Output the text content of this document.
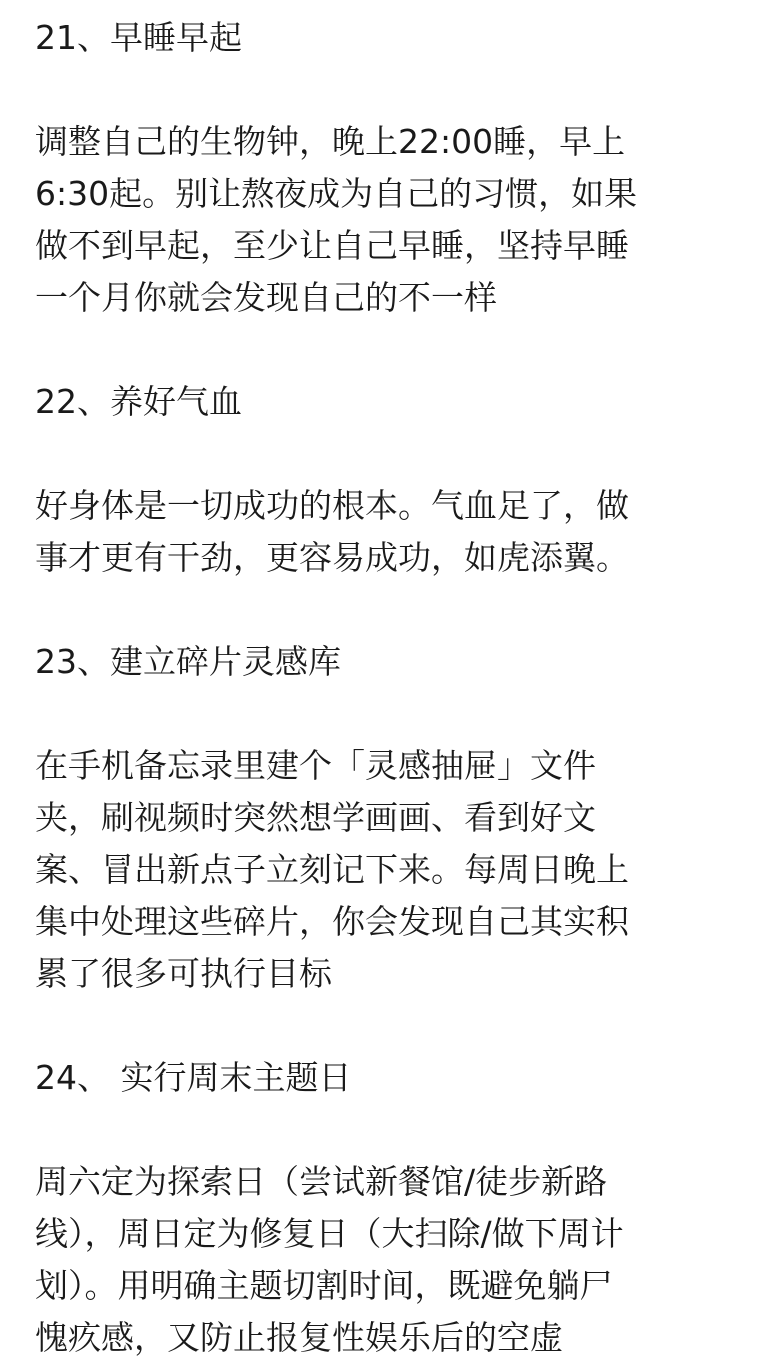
21、早睡早起

调整自己的生物钟，晚上22:00睡，早上
6:30起。别让熬夜成为自己的习惯，如果
做不到早起，至少让自己早睡，坚持早睡
一个月你就会发现自己的不一样

22、养好气血

好身体是一切成功的根本。气血足了，做
事才更有干劲，更容易成功，如虎添翼。

23、建立碎片灵感库

在手机备忘录里建个「灵感抽屉」文件
夹，刷视频时突然想学画画、看到好文
案、冒出新点子立刻记下来。每周日晚上
集中处理这些碎片，你会发现自己其实积
累了很多可执行目标

24、 实行周末主题日

周六定为探索日（尝试新餐馆/徒步新路
线），周日定为修复日（大扫除/做下周计
划）。用明确主题切割时间，既避免躺尸
愧疚感，又防止报复性娱乐后的空虚
